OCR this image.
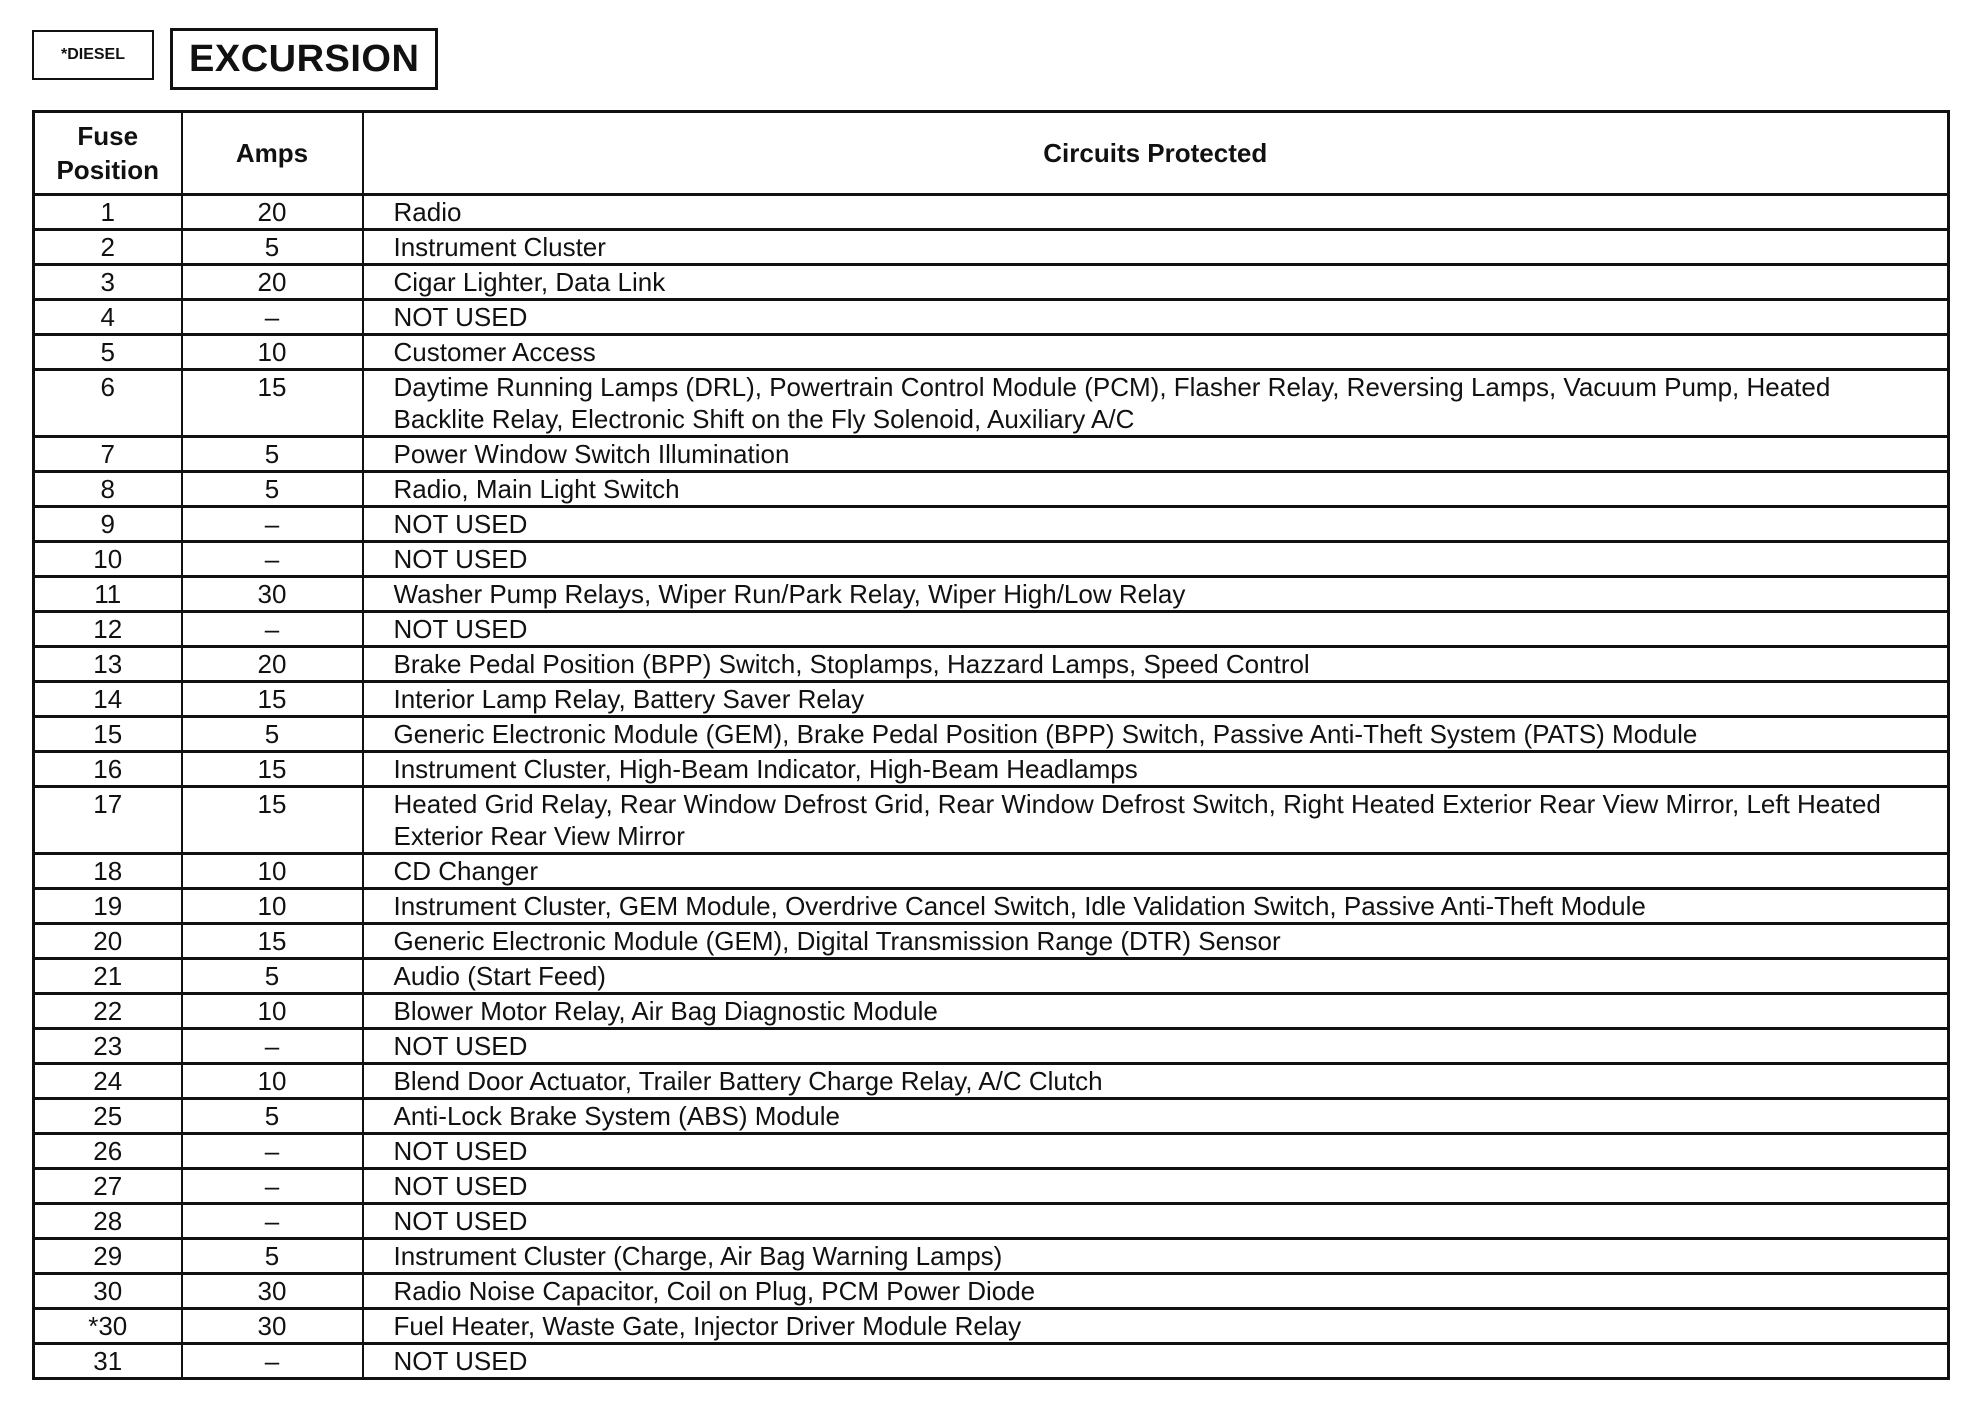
*DIESEL	EXCURSION
Fuse
Position	Amps	Circuits Protected
1	20	Radio
2	5	Instrument Cluster
3	20	Cigar Lighter, Data Link
4	–	NOT USED
5	10	Customer Access
6	15	Daytime Running Lamps (DRL), Powertrain Control Module (PCM), Flasher Relay, Reversing Lamps, Vacuum Pump, Heated Backlite Relay, Electronic Shift on the Fly Solenoid, Auxiliary A/C
7	5	Power Window Switch Illumination
8	5	Radio, Main Light Switch
9	–	NOT USED
10	–	NOT USED
11	30	Washer Pump Relays, Wiper Run/Park Relay, Wiper High/Low Relay
12	–	NOT USED
13	20	Brake Pedal Position (BPP) Switch, Stoplamps, Hazzard Lamps, Speed Control
14	15	Interior Lamp Relay, Battery Saver Relay
15	5	Generic Electronic Module (GEM), Brake Pedal Position (BPP) Switch, Passive Anti-Theft System (PATS) Module
16	15	Instrument Cluster, High-Beam Indicator, High-Beam Headlamps
17	15	Heated Grid Relay, Rear Window Defrost Grid, Rear Window Defrost Switch, Right Heated Exterior Rear View Mirror, Left Heated Exterior Rear View Mirror
18	10	CD Changer
19	10	Instrument Cluster, GEM Module, Overdrive Cancel Switch, Idle Validation Switch, Passive Anti-Theft Module
20	15	Generic Electronic Module (GEM), Digital Transmission Range (DTR) Sensor
21	5	Audio (Start Feed)
22	10	Blower Motor Relay, Air Bag Diagnostic Module
23	–	NOT USED
24	10	Blend Door Actuator, Trailer Battery Charge Relay, A/C Clutch
25	5	Anti-Lock Brake System (ABS) Module
26	–	NOT USED
27	–	NOT USED
28	–	NOT USED
29	5	Instrument Cluster (Charge, Air Bag Warning Lamps)
30	30	Radio Noise Capacitor, Coil on Plug, PCM Power Diode
*30	30	Fuel Heater, Waste Gate, Injector Driver Module Relay
31	–	NOT USED
